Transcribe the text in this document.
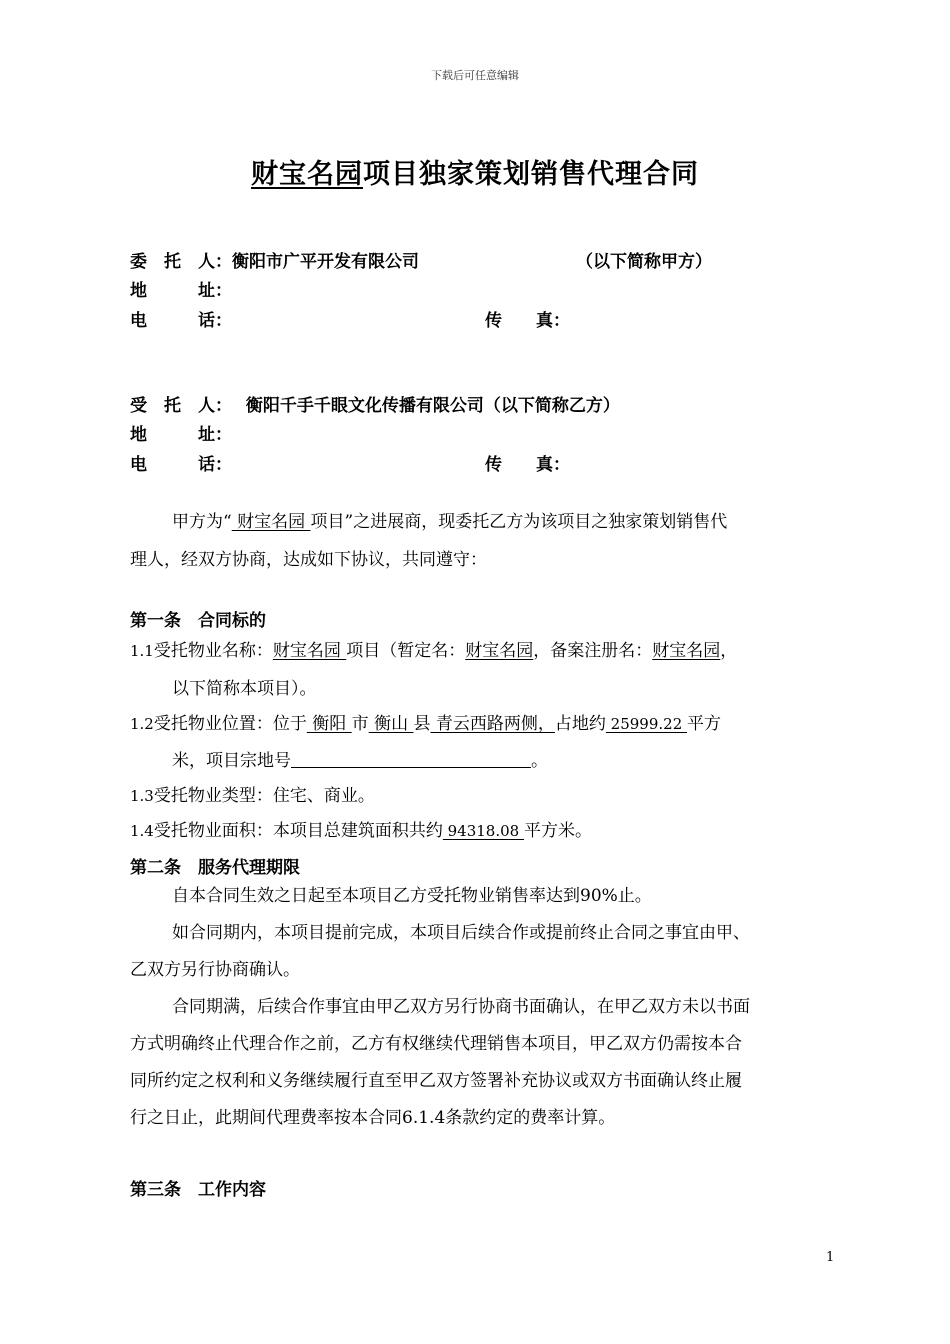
下载后可任意编辑
财宝名园项目独家策划销售代理合同
委　托　人：衡阳市广平开发有限公司	（以下简称甲方）
地　　　址：
电　　　话：	传　　真：
受　托　人： 衡阳千手千眼文化传播有限公司（以下简称乙方）
地　　　址：
电　　　话：	传　　真：
甲方为“ 财宝名园 项目”之进展商，现委托乙方为该项目之独家策划销售代
理人，经双方协商，达成如下协议，共同遵守：
第一条　合同标的
1.1受托物业名称：财宝名园 项目（暂定名：财宝名园，备案注册名：财宝名园，
以下简称本项目）。
1.2受托物业位置：位于 衡阳 市 衡山 县 青云西路两侧，占地约 25999.22 平方
米，项目宗地号	。
1.3受托物业类型：住宅、商业。
1.4受托物业面积：本项目总建筑面积共约 94318.08 平方米。
第二条　服务代理期限
自本合同生效之日起至本项目乙方受托物业销售率达到90%止。
如合同期内，本项目提前完成，本项目后续合作或提前终止合同之事宜由甲、
乙双方另行协商确认。
合同期满，后续合作事宜由甲乙双方另行协商书面确认，在甲乙双方未以书面
方式明确终止代理合作之前，乙方有权继续代理销售本项目，甲乙双方仍需按本合
同所约定之权利和义务继续履行直至甲乙双方签署补充协议或双方书面确认终止履
行之日止，此期间代理费率按本合同6.1.4条款约定的费率计算。
第三条　工作内容
1
